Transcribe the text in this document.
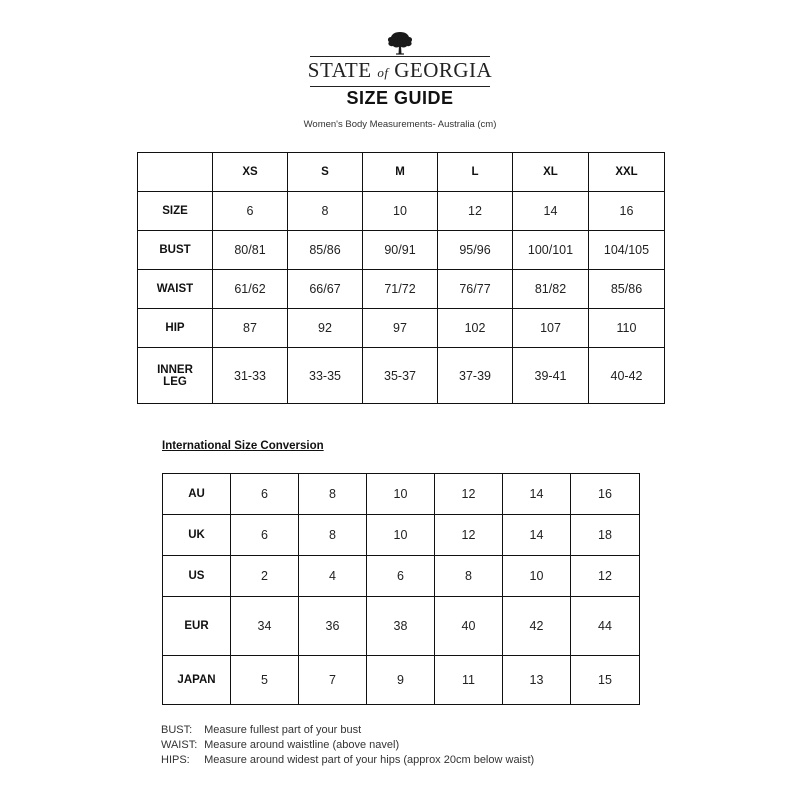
STATE of GEORGIA
SIZE GUIDE
Women's Body Measurements- Australia (cm)
	XS	S	M	L	XL	XXL
SIZE	6	8	10	12	14	16
BUST	80/81	85/86	90/91	95/96	100/101	104/105
WAIST	61/62	66/67	71/72	76/77	81/82	85/86
HIP	87	92	97	102	107	110
INNER LEG	31-33	33-35	35-37	37-39	39-41	40-42
International Size Conversion
AU	6	8	10	12	14	16
UK	6	8	10	12	14	18
US	2	4	6	8	10	12
EUR	34	36	38	40	42	44
JAPAN	5	7	9	11	13	15
BUST: Measure fullest part of your bust
WAIST: Measure around waistline (above navel)
HIPS: Measure around widest part of your hips (approx 20cm below waist)
